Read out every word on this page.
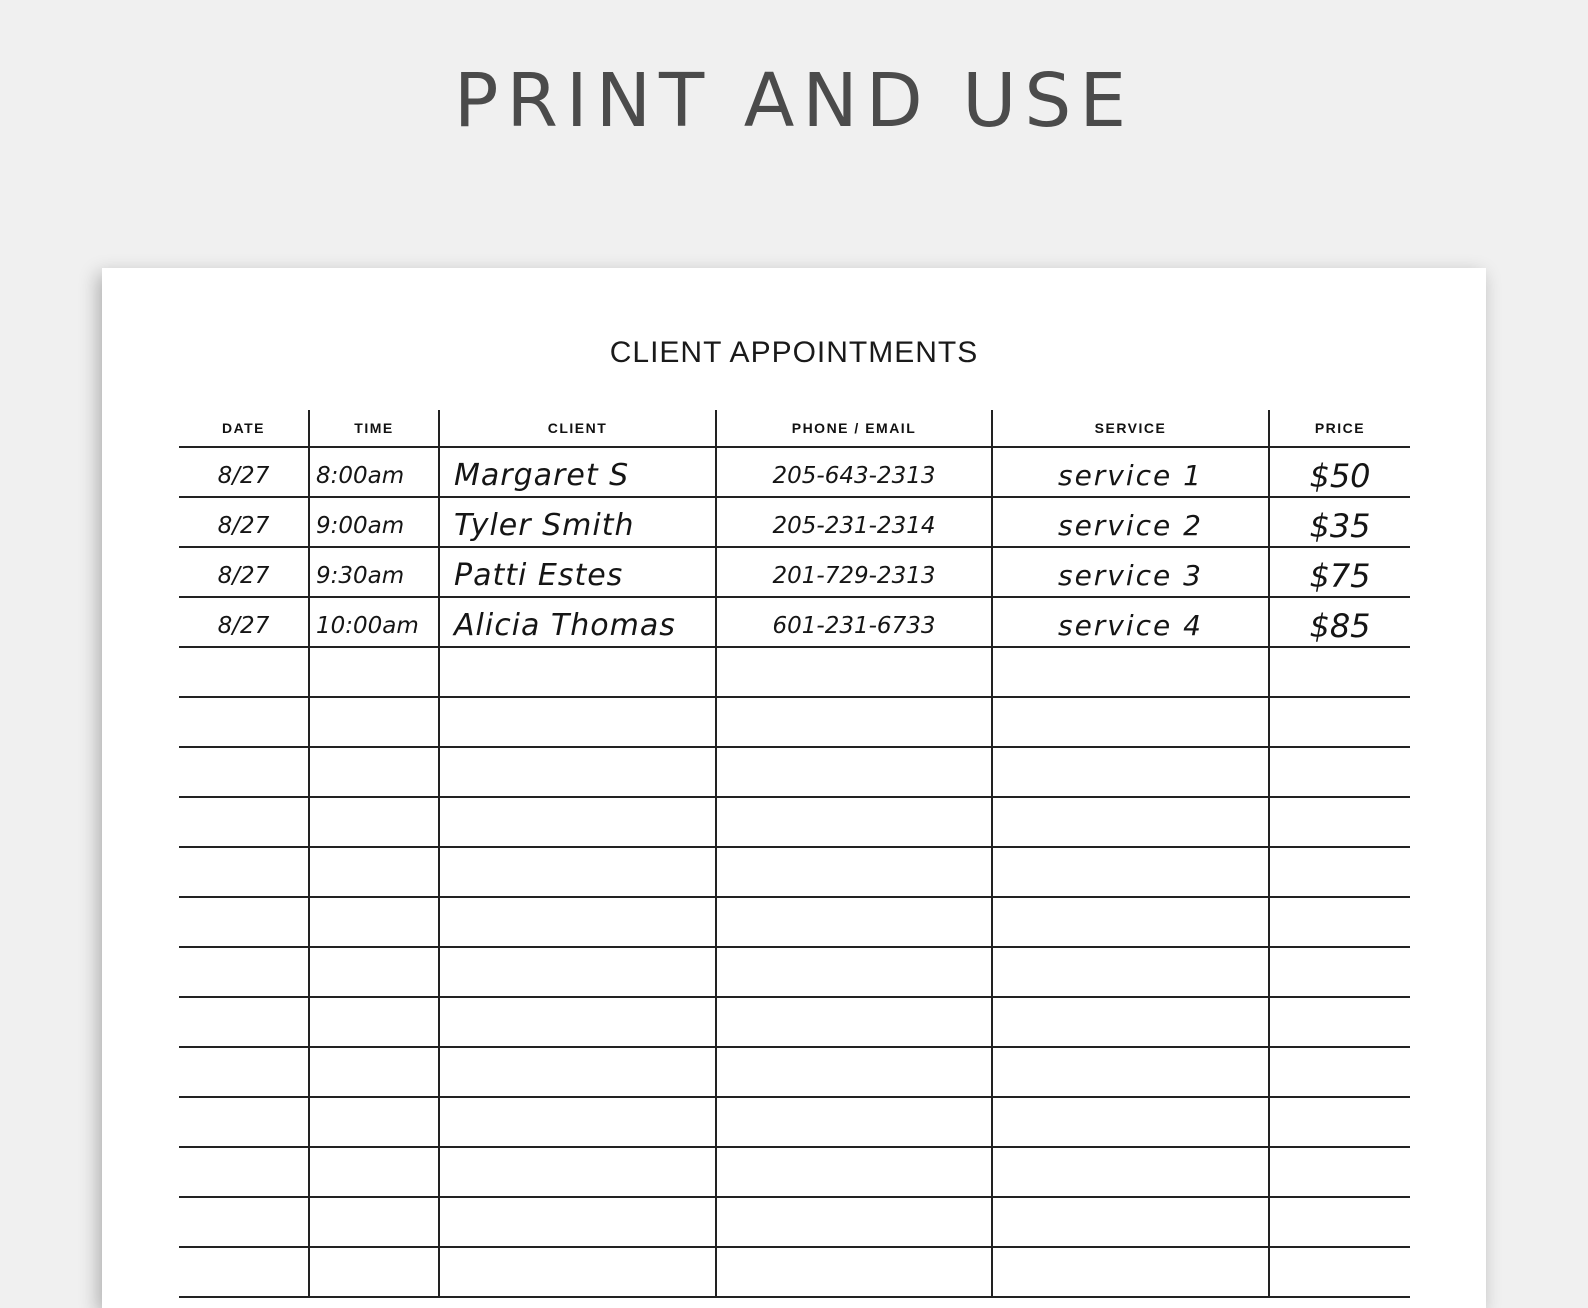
PRINT AND USE
CLIENT APPOINTMENTS
DATE	TIME	CLIENT	PHONE / EMAIL	SERVICE	PRICE
8/27	8:00am	Margaret S	205-643-2313	service 1	$50
8/27	9:00am	Tyler Smith	205-231-2314	service 2	$35
8/27	9:30am	Patti Estes	201-729-2313	service 3	$75
8/27	10:00am	Alicia Thomas	601-231-6733	service 4	$85
